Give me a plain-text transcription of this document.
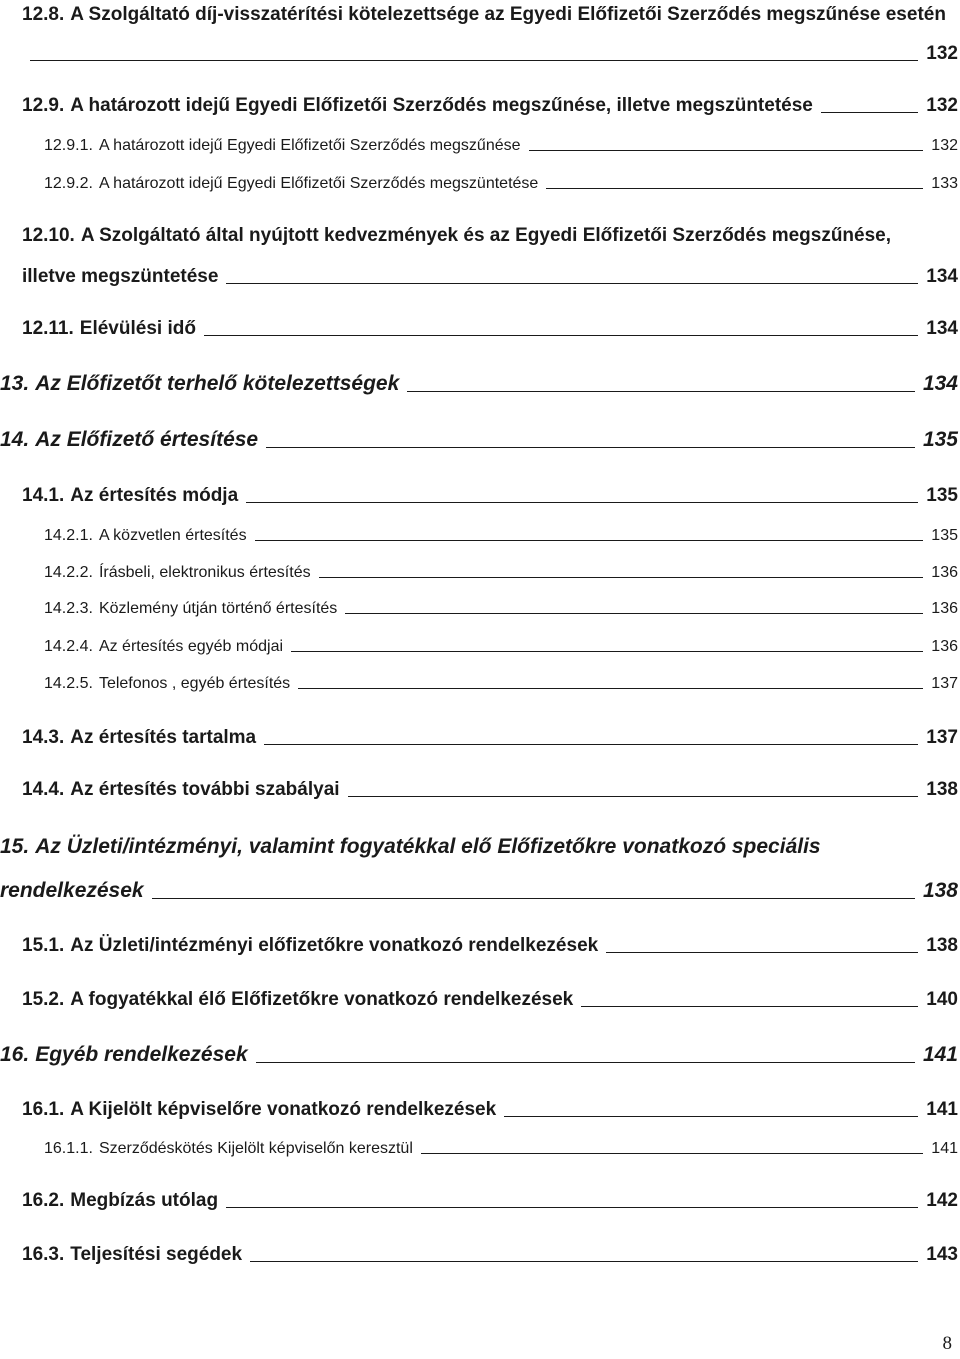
12.8. A Szolgáltató díj-visszatérítési kötelezettsége az Egyedi Előfizetői Szerződés megszűnése esetén
132
12.9. A határozott idejű Egyedi Előfizetői Szerződés megszűnése, illetve megszüntetése	132
12.9.1. A határozott idejű Egyedi Előfizetői Szerződés megszűnése	132
12.9.2. A határozott idejű Egyedi Előfizetői Szerződés megszüntetése	133
12.10. A Szolgáltató által nyújtott kedvezmények és az Egyedi Előfizetői Szerződés megszűnése,
illetve megszüntetése	134
12.11. Elévülési idő	134
13. Az Előfizetőt terhelő kötelezettségek	134
14. Az Előfizető értesítése	135
14.1. Az értesítés módja	135
14.2.1. A közvetlen értesítés	135
14.2.2. Írásbeli, elektronikus értesítés	136
14.2.3. Közlemény útján történő értesítés	136
14.2.4. Az értesítés egyéb módjai	136
14.2.5. Telefonos , egyéb értesítés	137
14.3. Az értesítés tartalma	137
14.4. Az értesítés további szabályai	138
15. Az Üzleti/intézményi, valamint fogyatékkal elő Előfizetőkre vonatkozó speciális
rendelkezések	138
15.1. Az Üzleti/intézményi előfizetőkre vonatkozó rendelkezések	138
15.2. A fogyatékkal élő Előfizetőkre vonatkozó rendelkezések	140
16. Egyéb rendelkezések	141
16.1. A Kijelölt képviselőre vonatkozó rendelkezések	141
16.1.1. Szerződéskötés Kijelölt képviselőn keresztül	141
16.2. Megbízás utólag	142
16.3. Teljesítési segédek	143
8
